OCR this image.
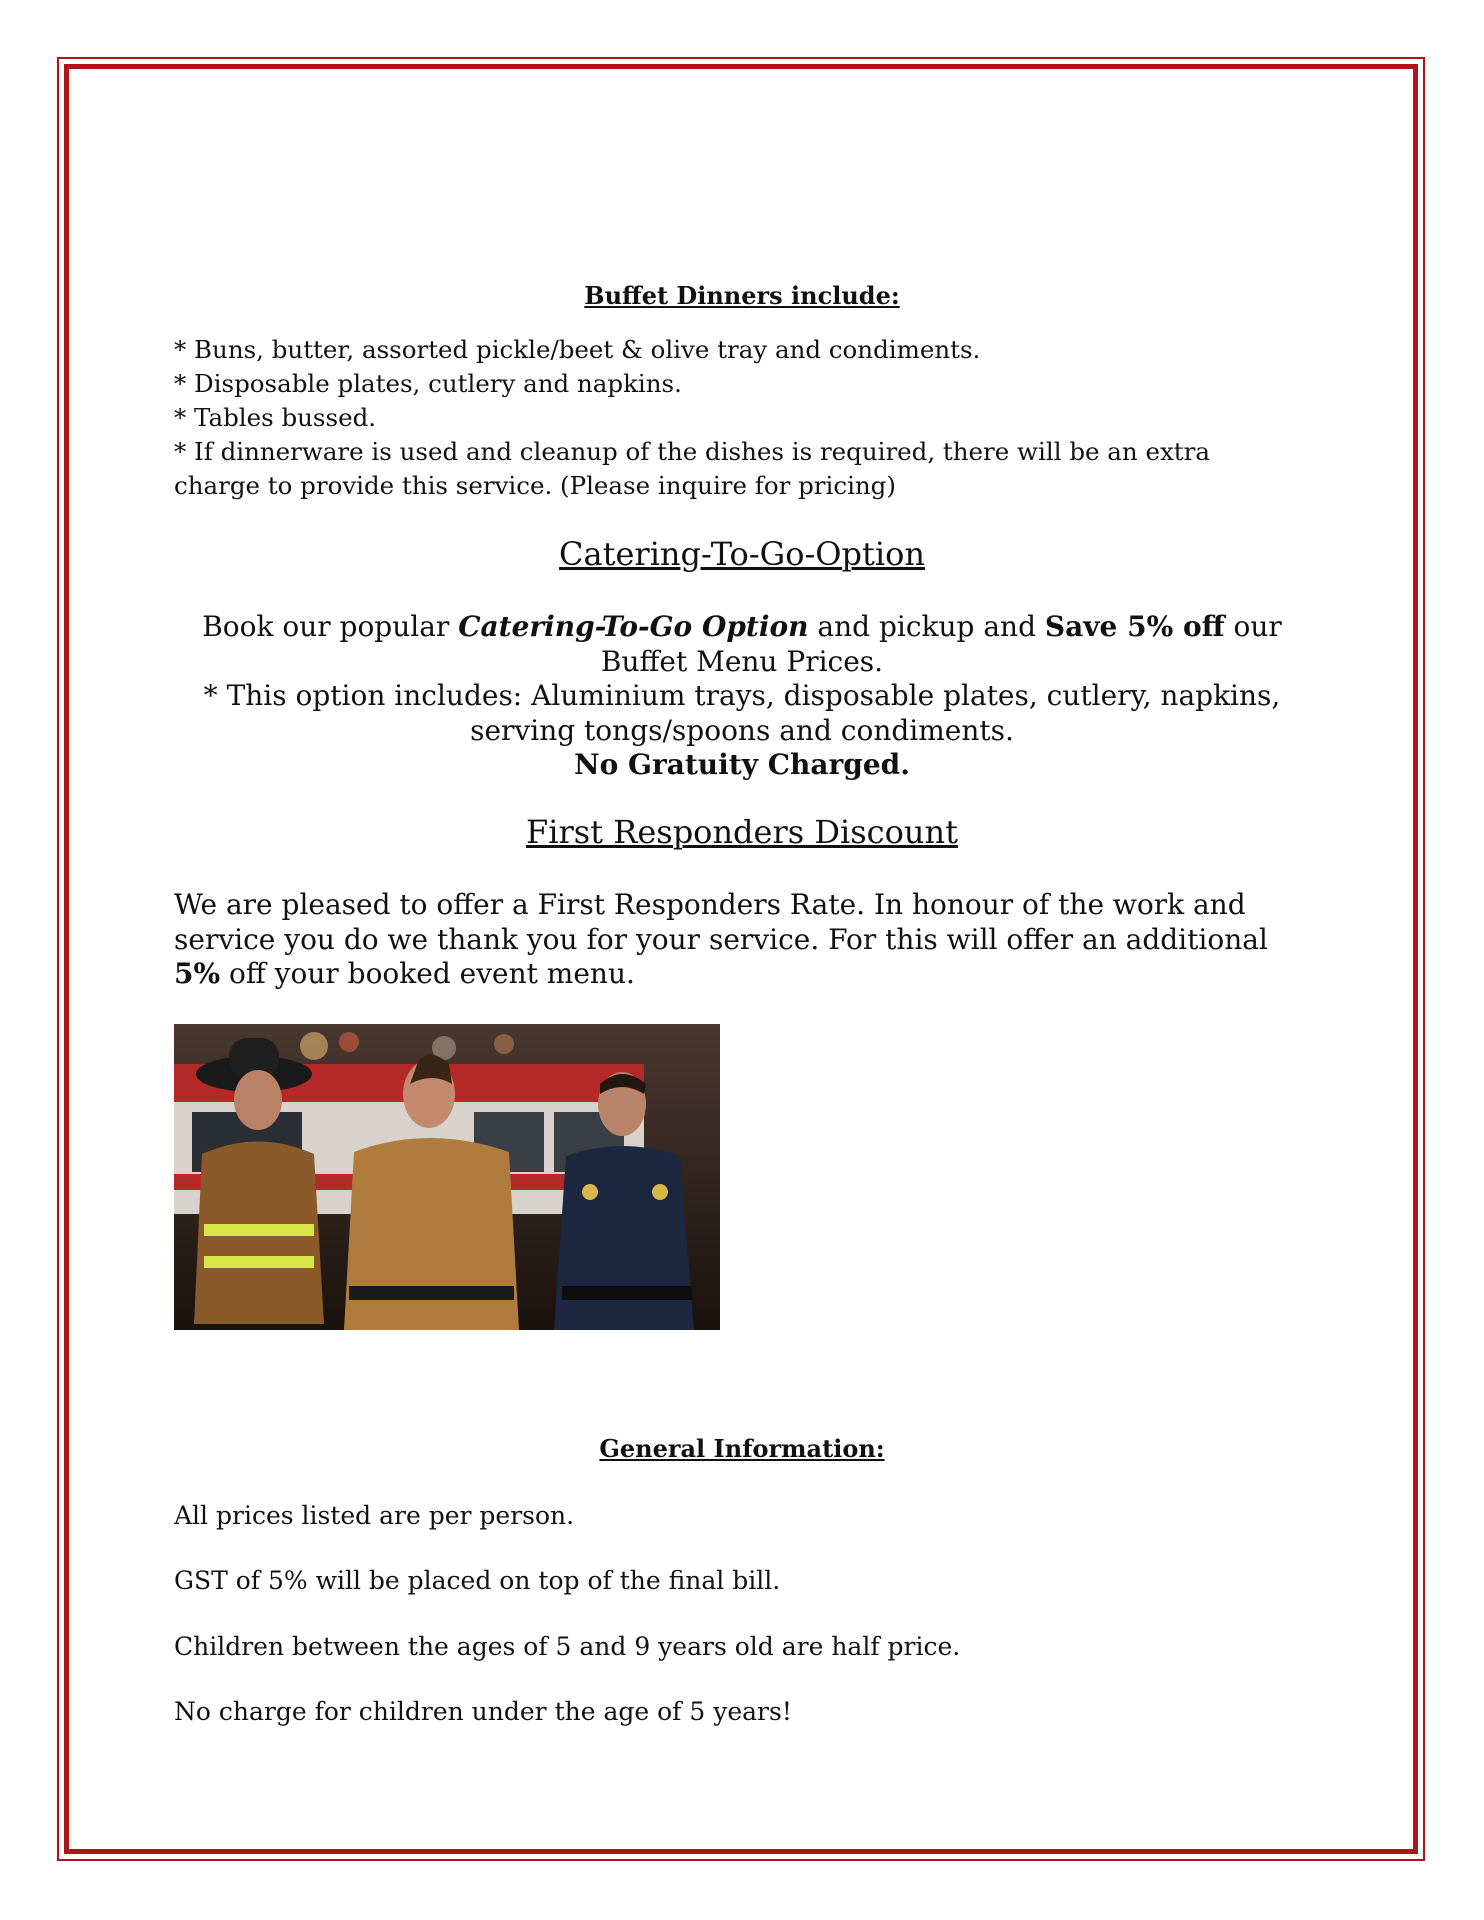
Buffet Dinners include:
* Buns, butter, assorted pickle/beet & olive tray and condiments.
* Disposable plates, cutlery and napkins.
* Tables bussed.
* If dinnerware is used and cleanup of the dishes is required, there will be an extra charge to provide this service. (Please inquire for pricing)
Catering-To-Go-Option

Book our popular Catering-To-Go Option and pickup and Save 5% off our Buffet Menu Prices.

* This option includes: Aluminium trays, disposable plates, cutlery, napkins, serving tongs/spoons and condiments.

No Gratuity Charged.

First Responders Discount

We are pleased to offer a First Responders Rate. In honour of the work and service you do we thank you for your service. For this will offer an additional 5% off your booked event menu.

General Information:

All prices listed are per person.

GST of 5% will be placed on top of the final bill.

Children between the ages of 5 and 9 years old are half price.

No charge for children under the age of 5 years!
